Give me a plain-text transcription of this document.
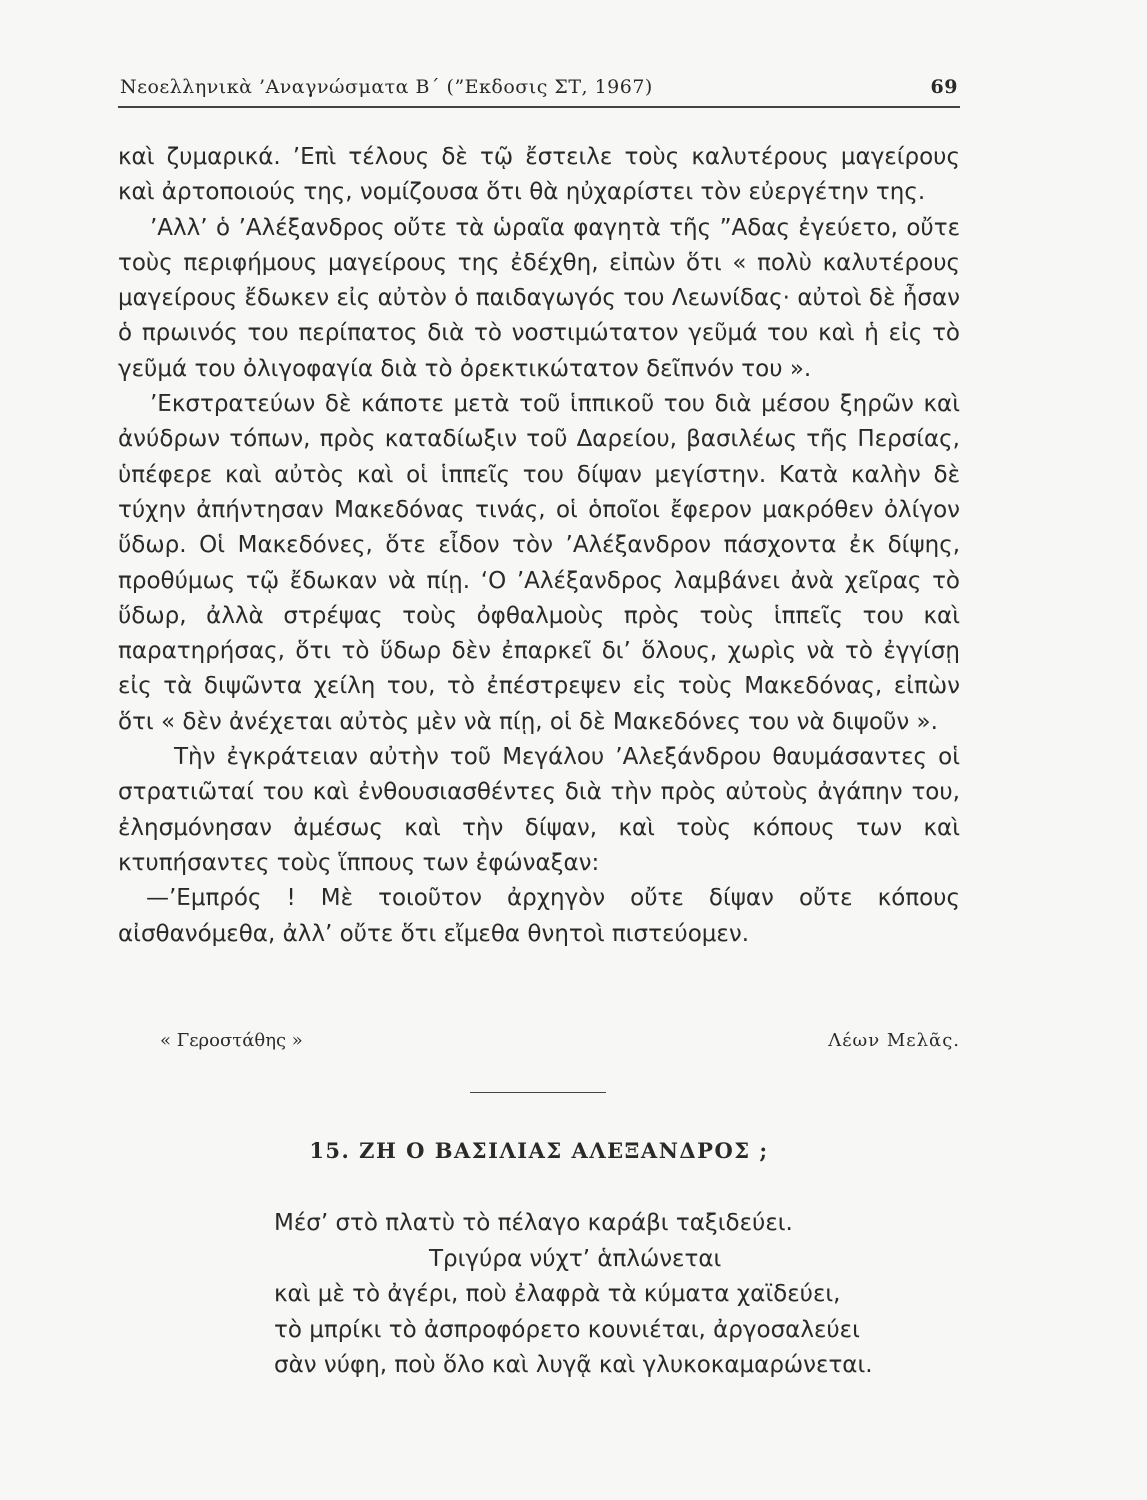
Νεοελληνικὰ ’Αναγνώσματα Β΄ (”Εκδοσις ΣΤ, 1967)	69

καὶ ζυμαρικά. ’Επὶ τέλους δὲ τῷ ἔστειλε τοὺς καλυτέρους μαγείρους καὶ ἀρτοποιούς της, νομίζουσα ὅτι θὰ ηὐχαρίστει τὸν εὐεργέτην της.

’Αλλ’ ὁ ’Αλέξανδρος οὔτε τὰ ὡραῖα φαγητὰ τῆς ”Αδας ἐγεύετο, οὔτε τοὺς περιφήμους μαγείρους της ἐδέχθη, εἰπὼν ὅτι « πολὺ καλυτέρους μαγείρους ἔδωκεν εἰς αὐτὸν ὁ παιδαγωγός του Λεωνίδας· αὐτοὶ δὲ ἦσαν ὁ πρωινός του περίπατος διὰ τὸ νοστιμώτατον γεῦμά του καὶ ἡ εἰς τὸ γεῦμά του ὀλιγοφαγία διὰ τὸ ὀρεκτικώτατον δεῖπνόν του ».

’Εκστρατεύων δὲ κάποτε μετὰ τοῦ ἱππικοῦ του διὰ μέσου ξηρῶν καὶ ἀνύδρων τόπων, πρὸς καταδίωξιν τοῦ Δαρείου, βασιλέως τῆς Περσίας, ὑπέφερε καὶ αὐτὸς καὶ οἱ ἱππεῖς του δίψαν μεγίστην. Κατὰ καλὴν δὲ τύχην ἀπήντησαν Μακεδόνας τινάς, οἱ ὁποῖοι ἔφερον μακρόθεν ὀλίγον ὕδωρ. Οἱ Μακεδόνες, ὅτε εἶδον τὸν ’Αλέξανδρον πάσχοντα ἐκ δίψης, προθύμως τῷ ἔδωκαν νὰ πίῃ. ‘Ο ’Αλέξανδρος λαμβάνει ἀνὰ χεῖρας τὸ ὕδωρ, ἀλλὰ στρέψας τοὺς ὀφθαλμοὺς πρὸς τοὺς ἱππεῖς του καὶ παρατηρήσας, ὅτι τὸ ὕδωρ δὲν ἐπαρκεῖ δι’ ὅλους, χωρὶς νὰ τὸ ἐγγίσῃ εἰς τὰ διψῶντα χείλη του, τὸ ἐπέστρεψεν εἰς τοὺς Μακεδόνας, εἰπὼν ὅτι « δὲν ἀνέχεται αὐτὸς μὲν νὰ πίῃ, οἱ δὲ Μακεδόνες του νὰ διψοῦν ».

Τὴν ἐγκράτειαν αὐτὴν τοῦ Μεγάλου ’Αλεξάνδρου θαυμάσαντες οἱ στρατιῶταί του καὶ ἐνθουσιασθέντες διὰ τὴν πρὸς αὐτοὺς ἀγάπην του, ἐλησμόνησαν ἀμέσως καὶ τὴν δίψαν, καὶ τοὺς κόπους των καὶ κτυπήσαντες τοὺς ἵππους των ἐφώναξαν:

—’Εμπρός ! Μὲ τοιοῦτον ἀρχηγὸν οὔτε δίψαν οὔτε κόπους αἰσθανόμεθα, ἀλλ’ οὔτε ὅτι εἴμεθα θνητοὶ πιστεύομεν.

« Γεροστάθης »	Λέων Μελᾶς.
15. ΖΗ Ο ΒΑΣΙΛΙΑΣ ΑΛΕΞΑΝΔΡΟΣ ;
Μέσ’ στὸ πλατὺ τὸ πέλαγο καράβι ταξιδεύει.
Τριγύρα νύχτ’ ἁπλώνεται
καὶ μὲ τὸ ἀγέρι, ποὺ ἐλαφρὰ τὰ κύματα χαϊδεύει,
τὸ μπρίκι τὸ ἀσπροφόρετο κουνιέται, ἀργοσαλεύει
σὰν νύφη, ποὺ ὅλο καὶ λυγᾷ καὶ γλυκοκαμαρώνεται.
